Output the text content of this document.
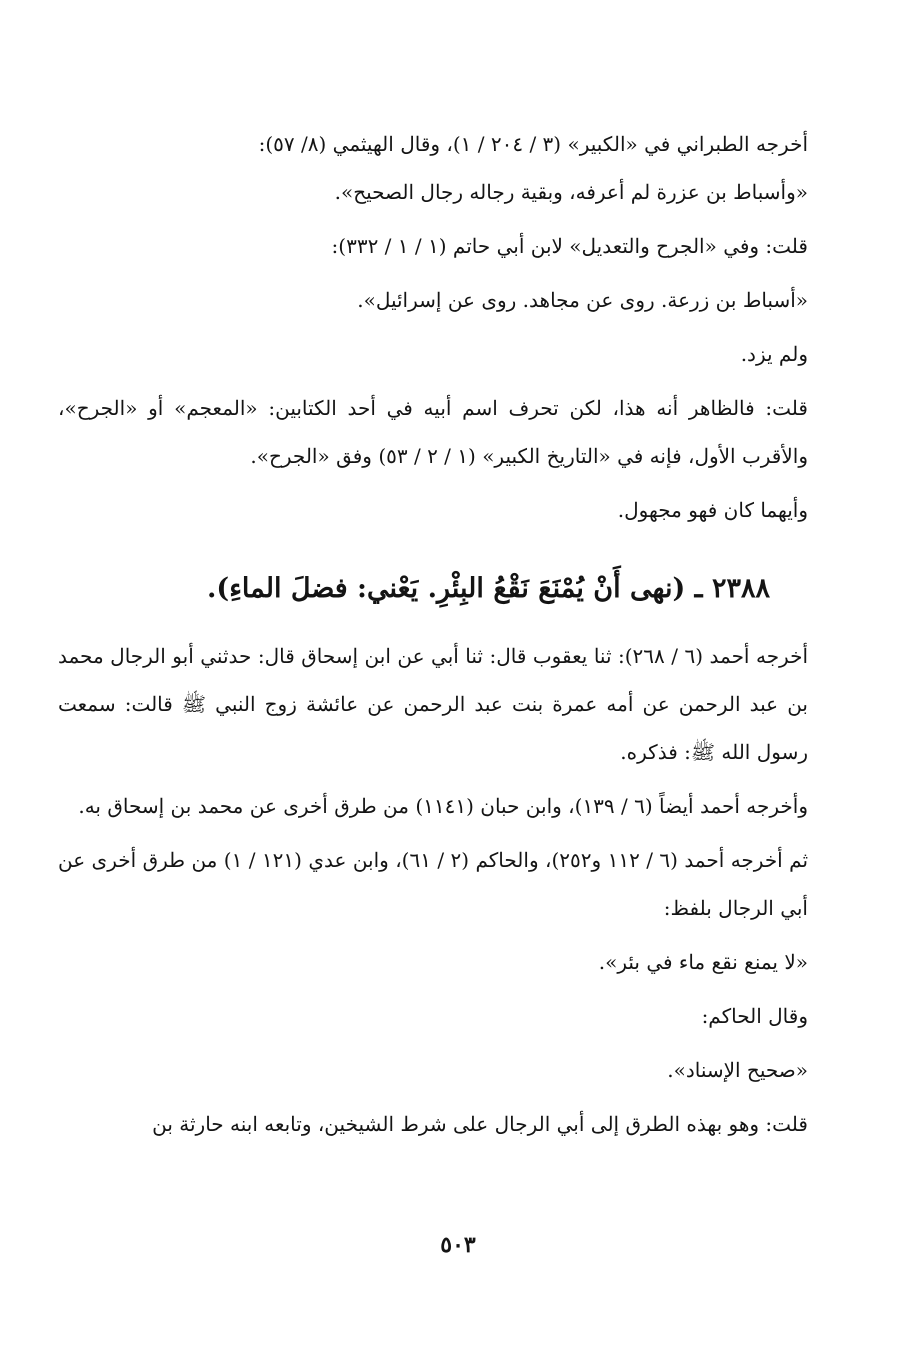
أخرجه الطبراني في «الكبير» (٣ / ٢٠٤ / ١)، وقال الهيثمي (٨/ ٥٧):

«وأسباط بن عزرة لم أعرفه، وبقية رجاله رجال الصحيح».

قلت: وفي «الجرح والتعديل» لابن أبي حاتم (١ / ١ / ٣٣٢):

«أسباط بن زرعة. روى عن مجاهد. روى عن إسرائيل».

ولم يزد.

قلت: فالظاهر أنه هذا، لكن تحرف اسم أبيه في أحد الكتابين: «المعجم» أو «الجرح»، والأقرب الأول، فإنه في «التاريخ الكبير» (١ / ٢ / ٥٣) وفق «الجرح».

وأيهما كان فهو مجهول.

٢٣٨٨ ـ (نهى أَنْ يُمْنَعَ نَقْعُ البِئْرِ. يَعْني: فضلَ الماءِ).

أخرجه أحمد (٦ / ٢٦٨): ثنا يعقوب قال: ثنا أبي عن ابن إسحاق قال: حدثني أبو الرجال محمد بن عبد الرحمن عن أمه عمرة بنت عبد الرحمن عن عائشة زوج النبي ﷺ قالت: سمعت رسول الله ﷺ: فذكره.

وأخرجه أحمد أيضاً (٦ / ١٣٩)، وابن حبان (١١٤١) من طرق أخرى عن محمد بن إسحاق به.

ثم أخرجه أحمد (٦ / ١١٢ و٢٥٢)، والحاكم (٢ / ٦١)، وابن عدي (١٢١ / ١) من طرق أخرى عن أبي الرجال بلفظ:

«لا يمنع نقع ماء في بئر».

وقال الحاكم:

«صحيح الإسناد».

قلت: وهو بهذه الطرق إلى أبي الرجال على شرط الشيخين، وتابعه ابنه حارثة بن

٥٠٣
